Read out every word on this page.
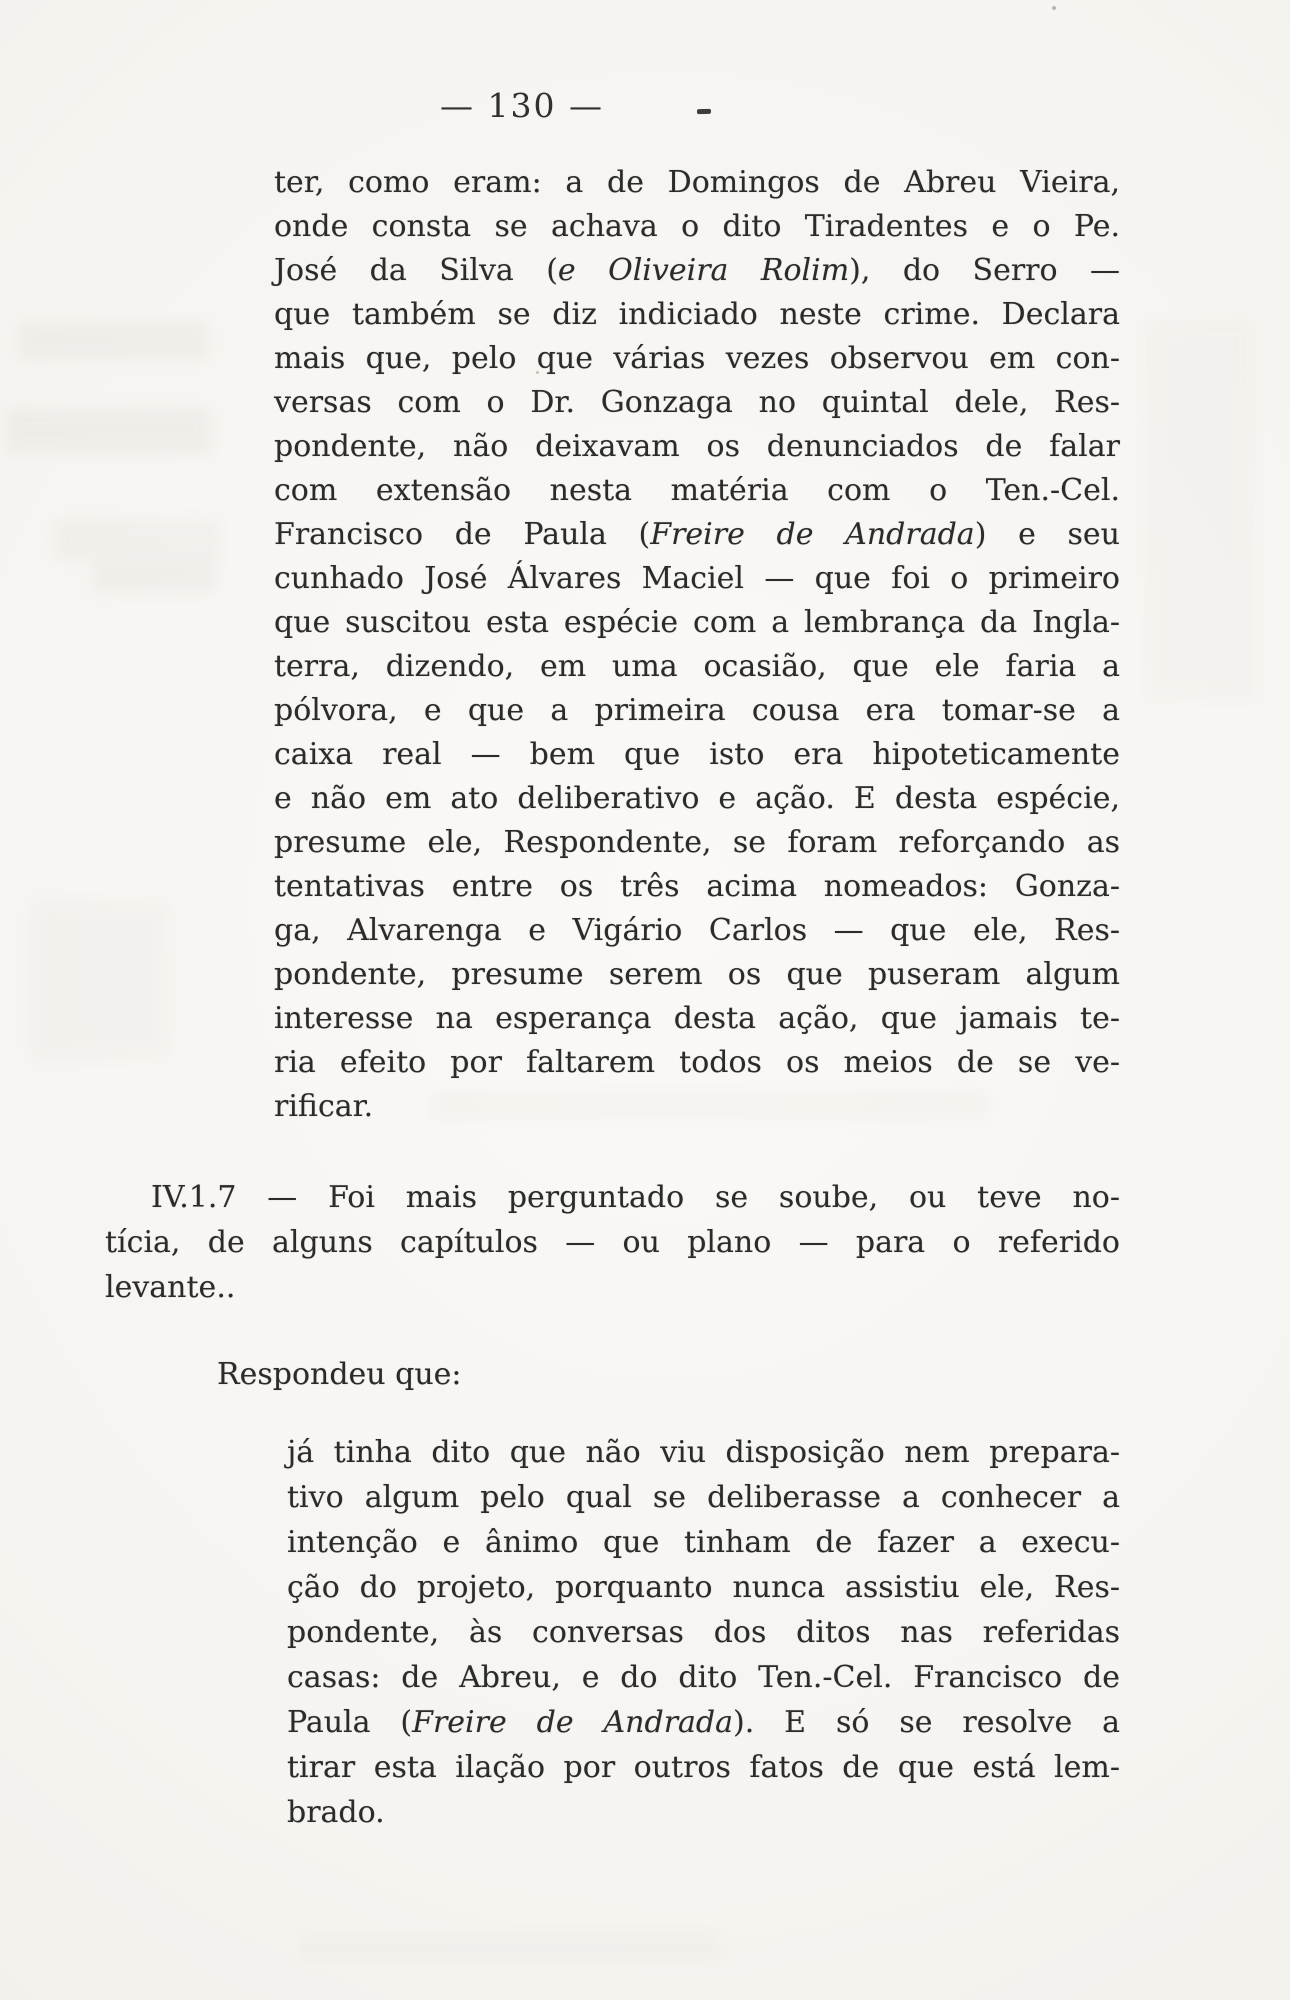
— 130 —
ter, como eram: a de Domingos de Abreu Vieira,
onde consta se achava o dito Tiradentes e o Pe.
José da Silva (e Oliveira Rolim), do Serro —
que também se diz indiciado neste crime. Declara
mais que, pelo que várias vezes observou em con-
versas com o Dr. Gonzaga no quintal dele, Res-
pondente, não deixavam os denunciados de falar
com extensão nesta matéria com o Ten.-Cel.
Francisco de Paula (Freire de Andrada) e seu
cunhado José Álvares Maciel — que foi o primeiro
que suscitou esta espécie com a lembrança da Ingla-
terra, dizendo, em uma ocasião, que ele faria a
pólvora, e que a primeira cousa era tomar-se a
caixa real — bem que isto era hipoteticamente
e não em ato deliberativo e ação. E desta espécie,
presume ele, Respondente, se foram reforçando as
tentativas entre os três acima nomeados: Gonza-
ga, Alvarenga e Vigário Carlos — que ele, Res-
pondente, presume serem os que puseram algum
interesse na esperança desta ação, que jamais te-
ria efeito por faltarem todos os meios de se ve-
rificar.
IV.1.7 — Foi mais perguntado se soube, ou teve no-
tícia, de alguns capítulos — ou plano — para o referido
levante..
Respondeu que:
já tinha dito que não viu disposição nem prepara-
tivo algum pelo qual se deliberasse a conhecer a
intenção e ânimo que tinham de fazer a execu-
ção do projeto, porquanto nunca assistiu ele, Res-
pondente, às conversas dos ditos nas referidas
casas: de Abreu, e do dito Ten.-Cel. Francisco de
Paula (Freire de Andrada). E só se resolve a
tirar esta ilação por outros fatos de que está lem-
brado.
